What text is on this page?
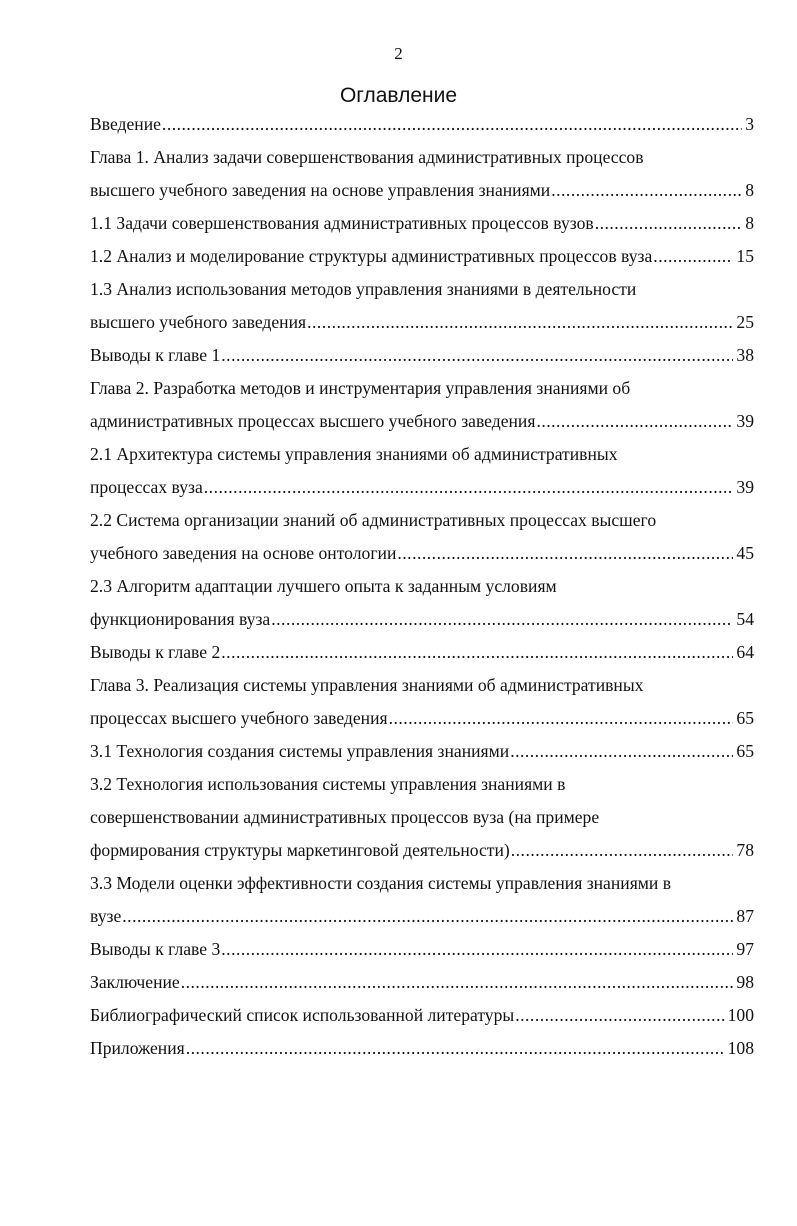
2
Оглавление
Введение .....	3
Глава 1. Анализ задачи совершенствования административных процессов
высшего учебного заведения на основе управления знаниями .....	8
1.1 Задачи совершенствования административных процессов вузов .....	8
1.2 Анализ и моделирование структуры административных процессов вуза .....	15
1.3 Анализ использования методов управления знаниями в деятельности
высшего учебного заведения .....	25
Выводы к главе 1 .....	38
Глава 2. Разработка методов и инструментария управления знаниями об
административных процессах высшего учебного заведения .....	39
2.1 Архитектура системы управления знаниями об административных
процессах вуза .....	39
2.2 Система организации знаний об административных процессах высшего
учебного заведения на основе онтологии .....	45
2.3 Алгоритм адаптации лучшего опыта к заданным условиям
функционирования вуза .....	54
Выводы к главе 2 .....	64
Глава 3. Реализация системы управления знаниями об административных
процессах высшего учебного заведения .....	65
3.1 Технология создания системы управления знаниями .....	65
3.2 Технология использования системы управления знаниями в
совершенствовании административных процессов вуза (на примере
формирования структуры маркетинговой деятельности) .....	78
3.3 Модели оценки эффективности создания системы управления знаниями в
вузе .....	87
Выводы к главе 3 .....	97
Заключение .....	98
Библиографический список использованной литературы .....	100
Приложения .....	108
